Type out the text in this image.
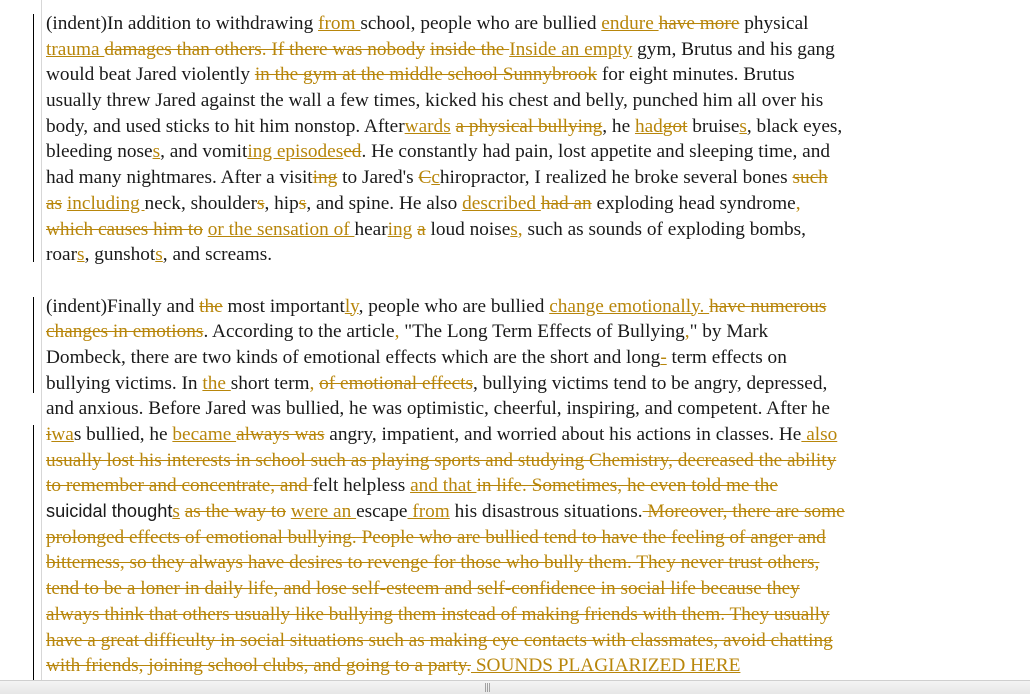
(indent)In addition to withdrawing from school, people who are bullied endure have more physical
trauma damages than others. If there was nobody inside the Inside an empty gym, Brutus and his gang
would beat Jared violently in the gym at the middle school Sunnybrook for eight minutes. Brutus
usually threw Jared against the wall a few times, kicked his chest and belly, punched him all over his
body, and used sticks to hit him nonstop. Afterwards a physical bullying, he hadgot bruises, black eyes,
bleeding noses, and vomiting episodesed. He constantly had pain, lost appetite and sleeping time, and
had many nightmares. After a visiting to Jared's Cchiropractor, I realized he broke several bones such
as including neck, shoulders, hips, and spine. He also described had an exploding head syndrome,
which causes him to or the sensation of hearing a loud noises, such as sounds of exploding bombs,
roars, gunshots, and screams.
(indent)Finally and the most importantly, people who are bullied change emotionally. have numerous
changes in emotions. According to the article, "The Long Term Effects of Bullying," by Mark
Dombeck, there are two kinds of emotional effects which are the short and long- term effects on
bullying victims. In the short term, of emotional effects, bullying victims tend to be angry, depressed,
and anxious. Before Jared was bullied, he was optimistic, cheerful, inspiring, and competent. After he
iwas bullied, he became always was angry, impatient, and worried about his actions in classes. He also
usually lost his interests in school such as playing sports and studying Chemistry, decreased the ability
to remember and concentrate, and felt helpless and that in life. Sometimes, he even told me the
suicidal thoughts as the way to were an escape from his disastrous situations. Moreover, there are some
prolonged effects of emotional bullying. People who are bullied tend to have the feeling of anger and
bitterness, so they always have desires to revenge for those who bully them. They never trust others,
tend to be a loner in daily life, and lose self-esteem and self-confidence in social life because they
always think that others usually like bullying them instead of making friends with them. They usually
have a great difficulty in social situations such as making eye contacts with classmates, avoid chatting
with friends, joining school clubs, and going to a party. SOUNDS PLAGIARIZED HERE
|||
